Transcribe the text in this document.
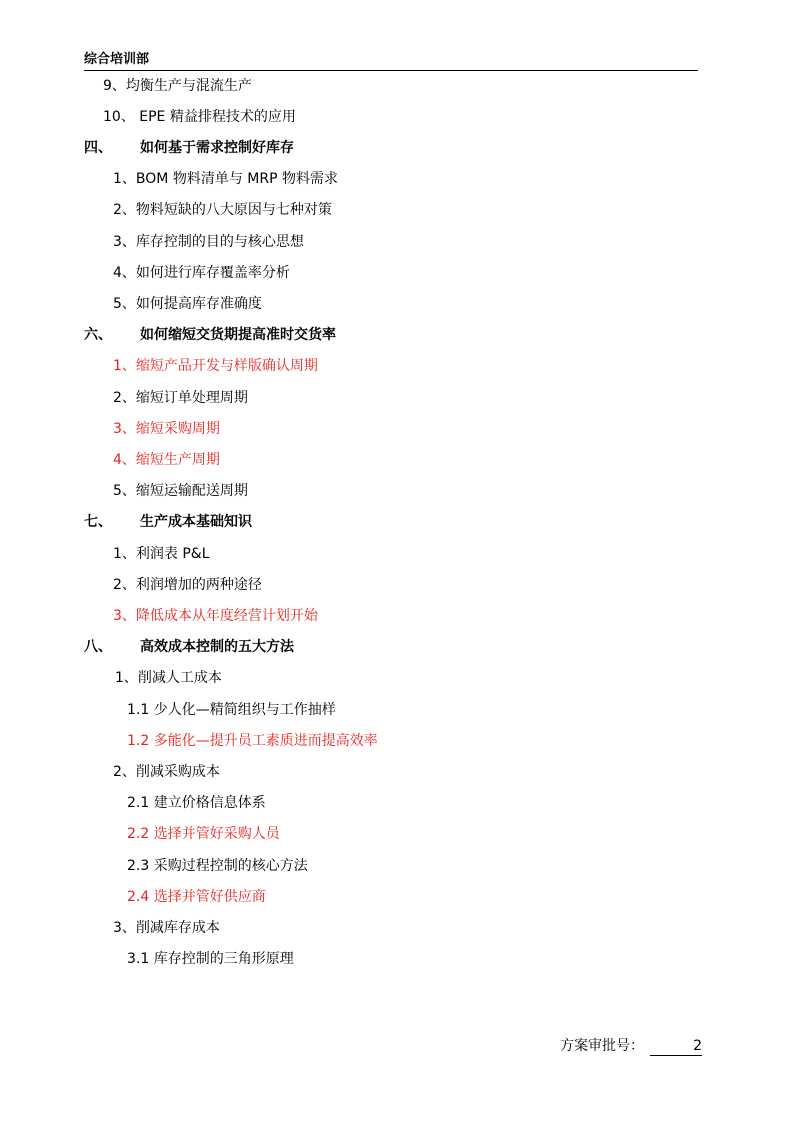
综合培训部
9、均衡生产与混流生产
10、 EPE 精益排程技术的应用
四、 如何基于需求控制好库存
1、BOM 物料清单与 MRP 物料需求
2、物料短缺的八大原因与七种对策
3、库存控制的目的与核心思想
4、如何进行库存覆盖率分析
5、如何提高库存准确度
六、 如何缩短交货期提高准时交货率
1、缩短产品开发与样版确认周期
2、缩短订单处理周期
3、缩短采购周期
4、缩短生产周期
5、缩短运输配送周期
七、 生产成本基础知识
1、利润表 P&L
2、利润增加的两种途径
3、降低成本从年度经营计划开始
八、 高效成本控制的五大方法
1、削减人工成本
1.1 少人化—精简组织与工作抽样
1.2 多能化—提升员工素质进而提高效率
2、削减采购成本
2.1 建立价格信息体系
2.2 选择并管好采购人员
2.3 采购过程控制的核心方法
2.4 选择并管好供应商
3、削减库存成本
3.1 库存控制的三角形原理
方案审批号：	2
